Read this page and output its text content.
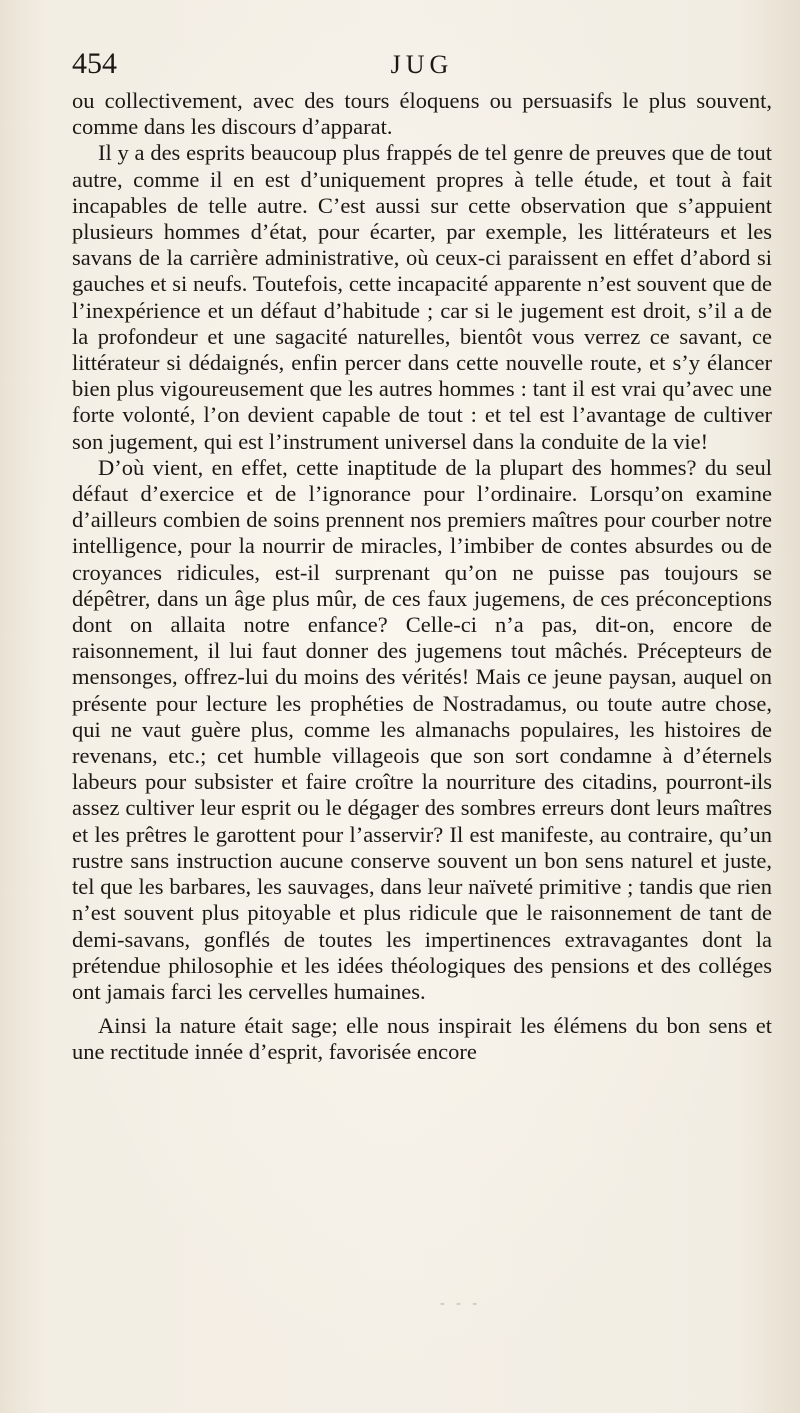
454	JUG

ou collectivement, avec des tours éloquens ou persuasifs le plus souvent, comme dans les discours d’apparat.

Il y a des esprits beaucoup plus frappés de tel genre de preuves que de tout autre, comme il en est d’uniquement propres à telle étude, et tout à fait incapables de telle autre. C’est aussi sur cette observation que s’appuient plusieurs hommes d’état, pour écarter, par exemple, les littérateurs et les savans de la carrière administrative, où ceux-ci paraissent en effet d’abord si gauches et si neufs. Toutefois, cette incapacité apparente n’est souvent que de l’inexpérience et un défaut d’habitude ; car si le jugement est droit, s’il a de la profondeur et une sagacité naturelles, bientôt vous verrez ce savant, ce littérateur si dédaignés, enfin percer dans cette nouvelle route, et s’y élancer bien plus vigoureusement que les autres hommes : tant il est vrai qu’avec une forte volonté, l’on devient capable de tout : et tel est l’avantage de cultiver son jugement, qui est l’instrument universel dans la conduite de la vie!

D’où vient, en effet, cette inaptitude de la plupart des hommes? du seul défaut d’exercice et de l’ignorance pour l’ordinaire. Lorsqu’on examine d’ailleurs combien de soins prennent nos premiers maîtres pour courber notre intelligence, pour la nourrir de miracles, l’imbiber de contes absurdes ou de croyances ridicules, est-il surprenant qu’on ne puisse pas toujours se dépêtrer, dans un âge plus mûr, de ces faux jugemens, de ces préconceptions dont on allaita notre enfance? Celle-ci n’a pas, dit-on, encore de raisonnement, il lui faut donner des jugemens tout mâchés. Précepteurs de mensonges, offrez-lui du moins des vérités! Mais ce jeune paysan, auquel on présente pour lecture les prophéties de Nostradamus, ou toute autre chose, qui ne vaut guère plus, comme les almanachs populaires, les histoires de revenans, etc.; cet humble villageois que son sort condamne à d’éternels labeurs pour subsister et faire croître la nourriture des citadins, pourront-ils assez cultiver leur esprit ou le dégager des sombres erreurs dont leurs maîtres et les prêtres le garottent pour l’asservir? Il est manifeste, au contraire, qu’un rustre sans instruction aucune conserve souvent un bon sens naturel et juste, tel que les barbares, les sauvages, dans leur naïveté primitive ; tandis que rien n’est souvent plus pitoyable et plus ridicule que le raisonnement de tant de demi-savans, gonflés de toutes les impertinences extravagantes dont la prétendue philosophie et les idées théologiques des pensions et des colléges ont jamais farci les cervelles humaines.

Ainsi la nature était sage; elle nous inspirait les élémens du bon sens et une rectitude innée d’esprit, favorisée encore

- - -
